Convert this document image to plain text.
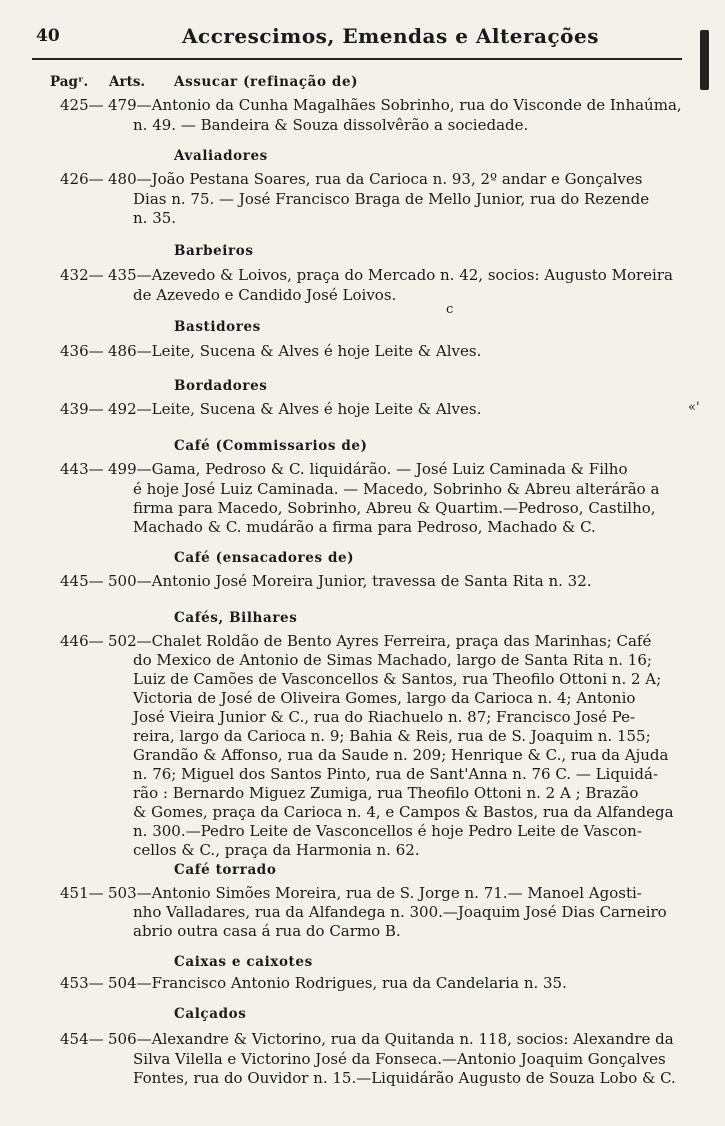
40	Accrescimos, Emendas e Alterações
Pagʳ. Arts.
c
«'
Assucar (refinação de)
425— 479—Antonio da Cunha Magalhães Sobrinho, rua do Visconde de Inhaúma,
n. 49. — Bandeira & Souza dissolvêrão a sociedade.
Avaliadores
426— 480—João Pestana Soares, rua da Carioca n. 93, 2º andar e Gonçalves
Dias n. 75. — José Francisco Braga de Mello Junior, rua do Rezende
n. 35.
Barbeiros
432— 435—Azevedo & Loivos, praça do Mercado n. 42, socios: Augusto Moreira
de Azevedo e Candido José Loivos.
Bastidores
436— 486—Leite, Sucena & Alves é hoje Leite & Alves.
Bordadores
439— 492—Leite, Sucena & Alves é hoje Leite & Alves.
Café (Commissarios de)
443— 499—Gama, Pedroso & C. liquidárão. — José Luiz Caminada & Filho
é hoje José Luiz Caminada. — Macedo, Sobrinho & Abreu alterárão a
firma para Macedo, Sobrinho, Abreu & Quartim.—Pedroso, Castilho,
Machado & C. mudárão a firma para Pedroso, Machado & C.
Café (ensacadores de)
445— 500—Antonio José Moreira Junior, travessa de Santa Rita n. 32.
Cafés, Bilhares
446— 502—Chalet Roldão de Bento Ayres Ferreira, praça das Marinhas; Café
do Mexico de Antonio de Simas Machado, largo de Santa Rita n. 16;
Luiz de Camões de Vasconcellos & Santos, rua Theofilo Ottoni n. 2 A;
Victoria de José de Oliveira Gomes, largo da Carioca n. 4; Antonio
José Vieira Junior & C., rua do Riachuelo n. 87; Francisco José Pe-
reira, largo da Carioca n. 9; Bahia & Reis, rua de S. Joaquim n. 155;
Grandão & Affonso, rua da Saude n. 209; Henrique & C., rua da Ajuda
n. 76; Miguel dos Santos Pinto, rua de Sant'Anna n. 76 C. — Liquidá-
rão : Bernardo Miguez Zumiga, rua Theofilo Ottoni n. 2 A ; Brazão
& Gomes, praça da Carioca n. 4, e Campos & Bastos, rua da Alfandega
n. 300.—Pedro Leite de Vasconcellos é hoje Pedro Leite de Vascon-
cellos & C., praça da Harmonia n. 62.
Café torrado
451— 503—Antonio Simões Moreira, rua de S. Jorge n. 71.— Manoel Agosti-
nho Valladares, rua da Alfandega n. 300.—Joaquim José Dias Carneiro
abrio outra casa á rua do Carmo B.
Caixas e caixotes
453— 504—Francisco Antonio Rodrigues, rua da Candelaria n. 35.
Calçados
454— 506—Alexandre & Victorino, rua da Quitanda n. 118, socios: Alexandre da
Silva Vilella e Victorino José da Fonseca.—Antonio Joaquim Gonçalves
Fontes, rua do Ouvidor n. 15.—Liquidárão Augusto de Souza Lobo & C.
